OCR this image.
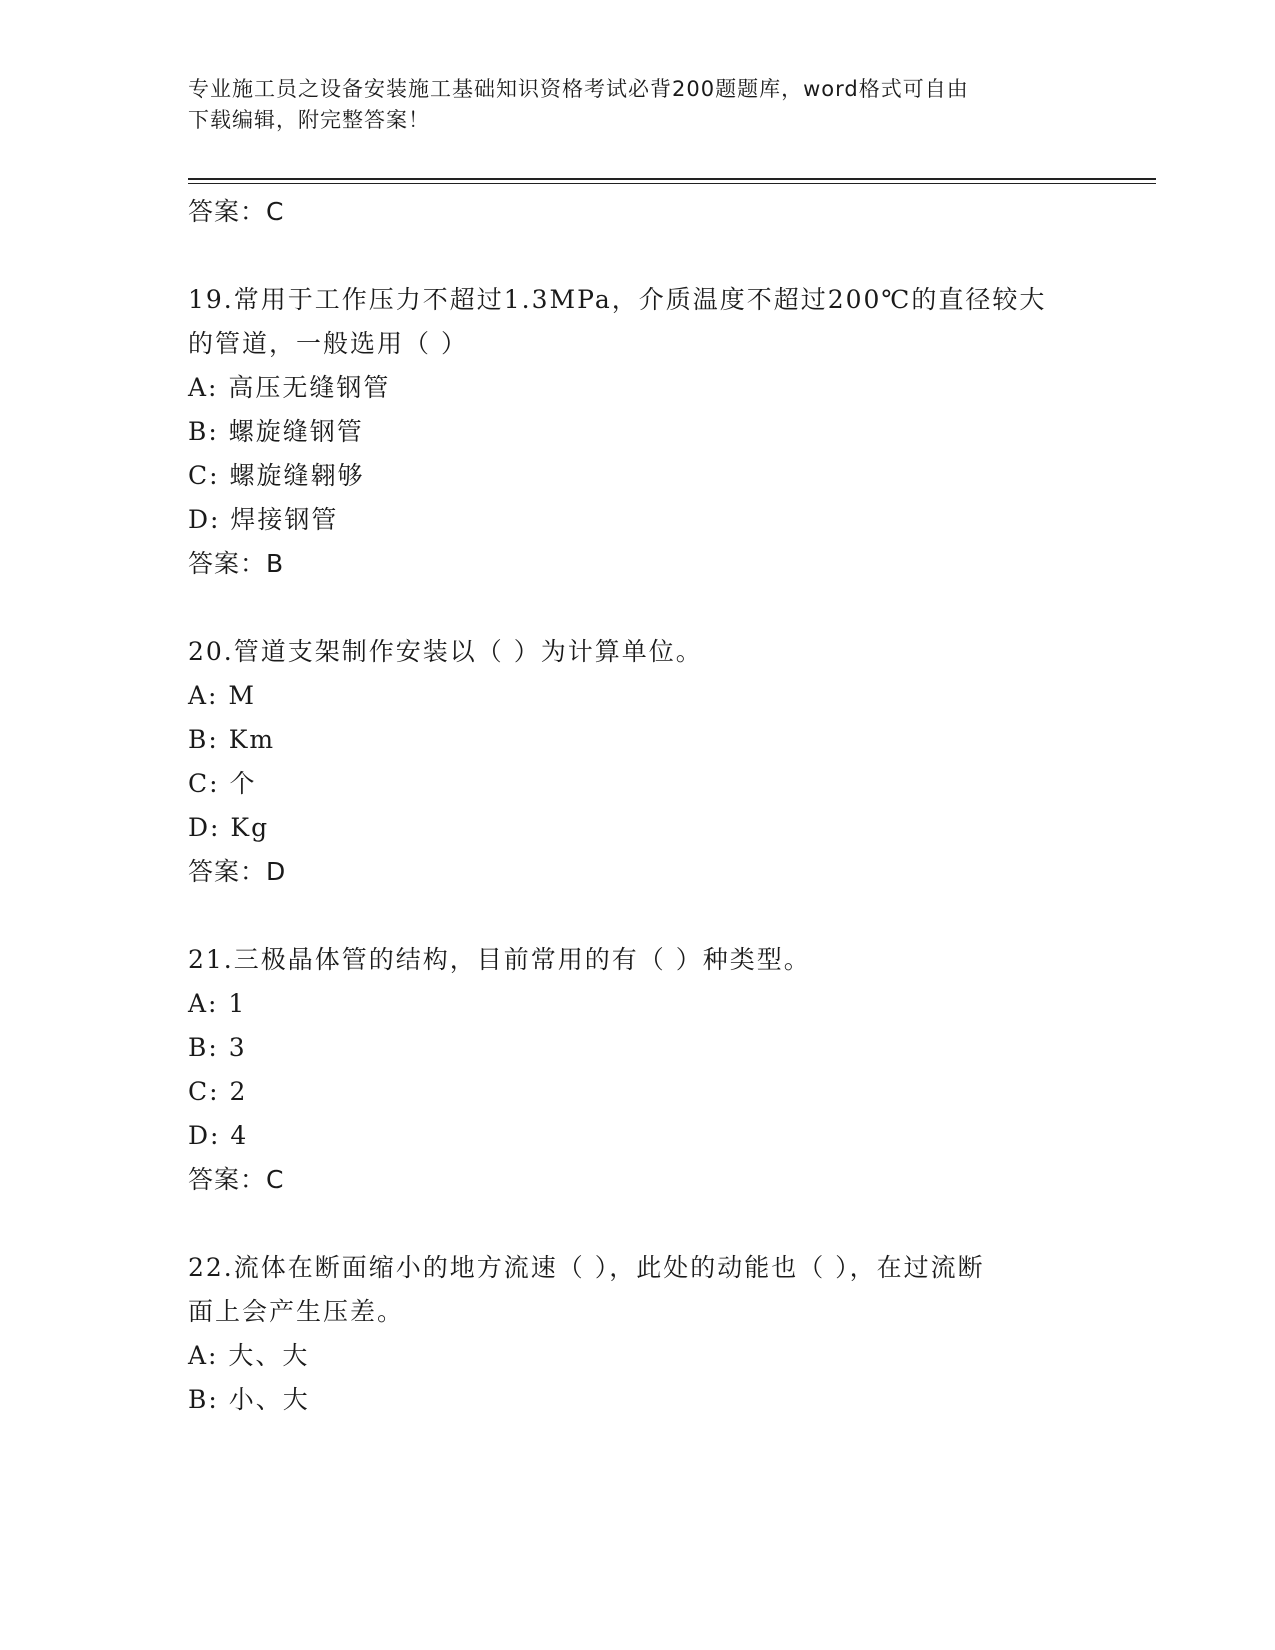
专业施工员之设备安装施工基础知识资格考试必背200题题库，word格式可自由
下载编辑，附完整答案！
答案：C
19.常用于工作压力不超过1.3MPa，介质温度不超过200℃的直径较大
的管道，一般选用（ ）
A: 高压无缝钢管
B: 螺旋缝钢管
C: 螺旋缝翱够
D: 焊接钢管
答案：B
20.管道支架制作安装以（ ）为计算单位。
A: M
B: Km
C: 个
D: Kg
答案：D
21.三极晶体管的结构，目前常用的有（ ）种类型。
A: 1
B: 3
C: 2
D: 4
答案：C
22.流体在断面缩小的地方流速（ ），此处的动能也（ ），在过流断
面上会产生压差。
A: 大、大
B: 小、大
